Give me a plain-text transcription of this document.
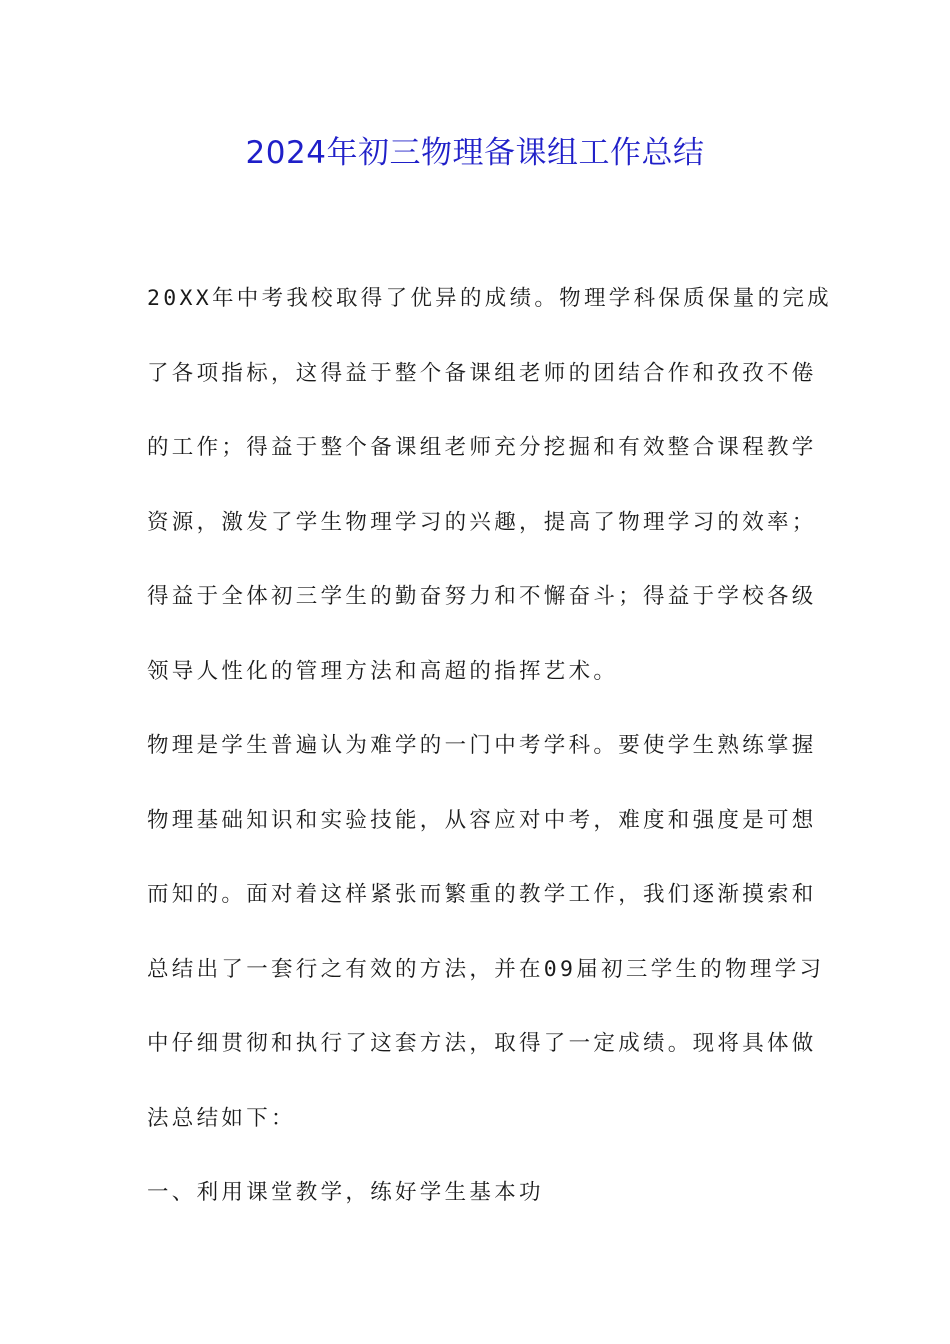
2024年初三物理备课组工作总结
20XX年中考我校取得了优异的成绩。物理学科保质保量的完成
了各项指标，这得益于整个备课组老师的团结合作和孜孜不倦
的工作；得益于整个备课组老师充分挖掘和有效整合课程教学
资源，激发了学生物理学习的兴趣，提高了物理学习的效率；
得益于全体初三学生的勤奋努力和不懈奋斗；得益于学校各级
领导人性化的管理方法和高超的指挥艺术。
物理是学生普遍认为难学的一门中考学科。要使学生熟练掌握
物理基础知识和实验技能，从容应对中考，难度和强度是可想
而知的。面对着这样紧张而繁重的教学工作，我们逐渐摸索和
总结出了一套行之有效的方法，并在09届初三学生的物理学习
中仔细贯彻和执行了这套方法，取得了一定成绩。现将具体做
法总结如下：
一、利用课堂教学，练好学生基本功
